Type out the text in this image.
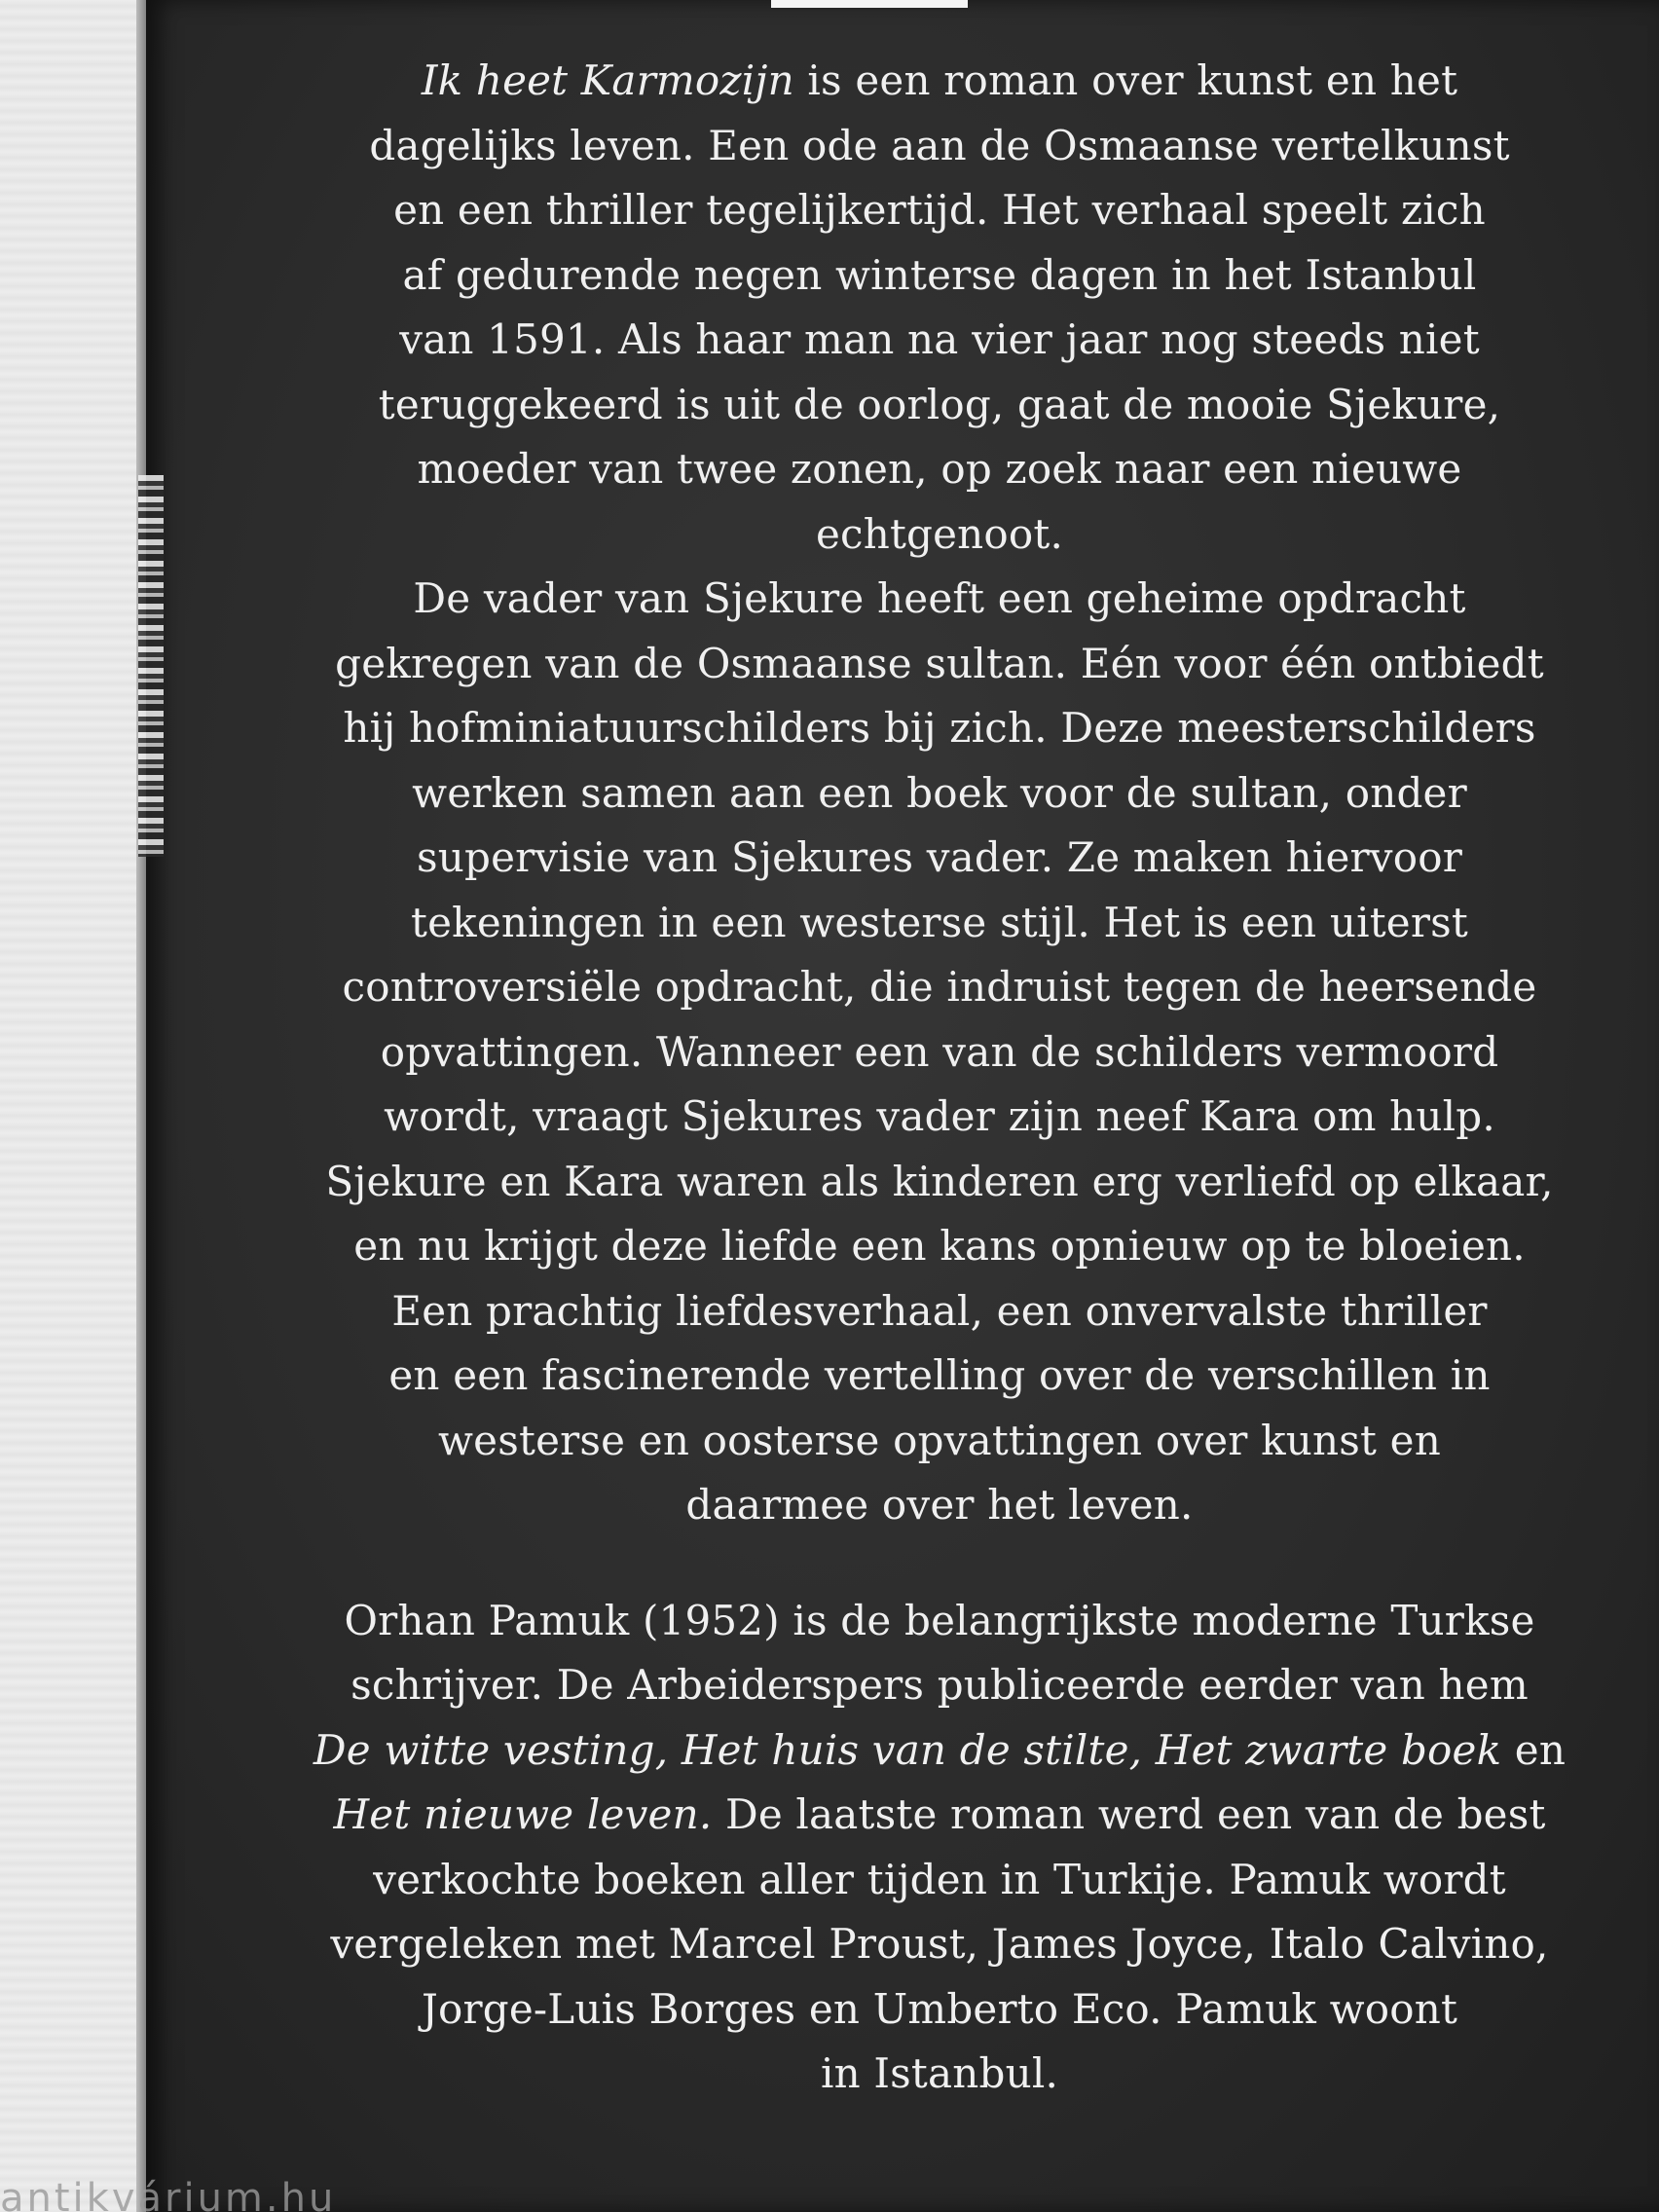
Ik heet Karmozijn is een roman over kunst en het
dagelijks leven. Een ode aan de Osmaanse vertelkunst
en een thriller tegelijkertijd. Het verhaal speelt zich
af gedurende negen winterse dagen in het Istanbul
van 1591. Als haar man na vier jaar nog steeds niet
teruggekeerd is uit de oorlog, gaat de mooie Sjekure,
moeder van twee zonen, op zoek naar een nieuwe
echtgenoot.
De vader van Sjekure heeft een geheime opdracht
gekregen van de Osmaanse sultan. Eén voor één ontbiedt
hij hofminiatuurschilders bij zich. Deze meesterschilders
werken samen aan een boek voor de sultan, onder
supervisie van Sjekures vader. Ze maken hiervoor
tekeningen in een westerse stijl. Het is een uiterst
controversiële opdracht, die indruist tegen de heersende
opvattingen. Wanneer een van de schilders vermoord
wordt, vraagt Sjekures vader zijn neef Kara om hulp.
Sjekure en Kara waren als kinderen erg verliefd op elkaar,
en nu krijgt deze liefde een kans opnieuw op te bloeien.
Een prachtig liefdesverhaal, een onvervalste thriller
en een fascinerende vertelling over de verschillen in
westerse en oosterse opvattingen over kunst en
daarmee over het leven.
Orhan Pamuk (1952) is de belangrijkste moderne Turkse
schrijver. De Arbeiderspers publiceerde eerder van hem
De witte vesting, Het huis van de stilte, Het zwarte boek en
Het nieuwe leven. De laatste roman werd een van de best
verkochte boeken aller tijden in Turkije. Pamuk wordt
vergeleken met Marcel Proust, James Joyce, Italo Calvino,
Jorge-Luis Borges en Umberto Eco. Pamuk woont
in Istanbul.
antikvárium.hu
